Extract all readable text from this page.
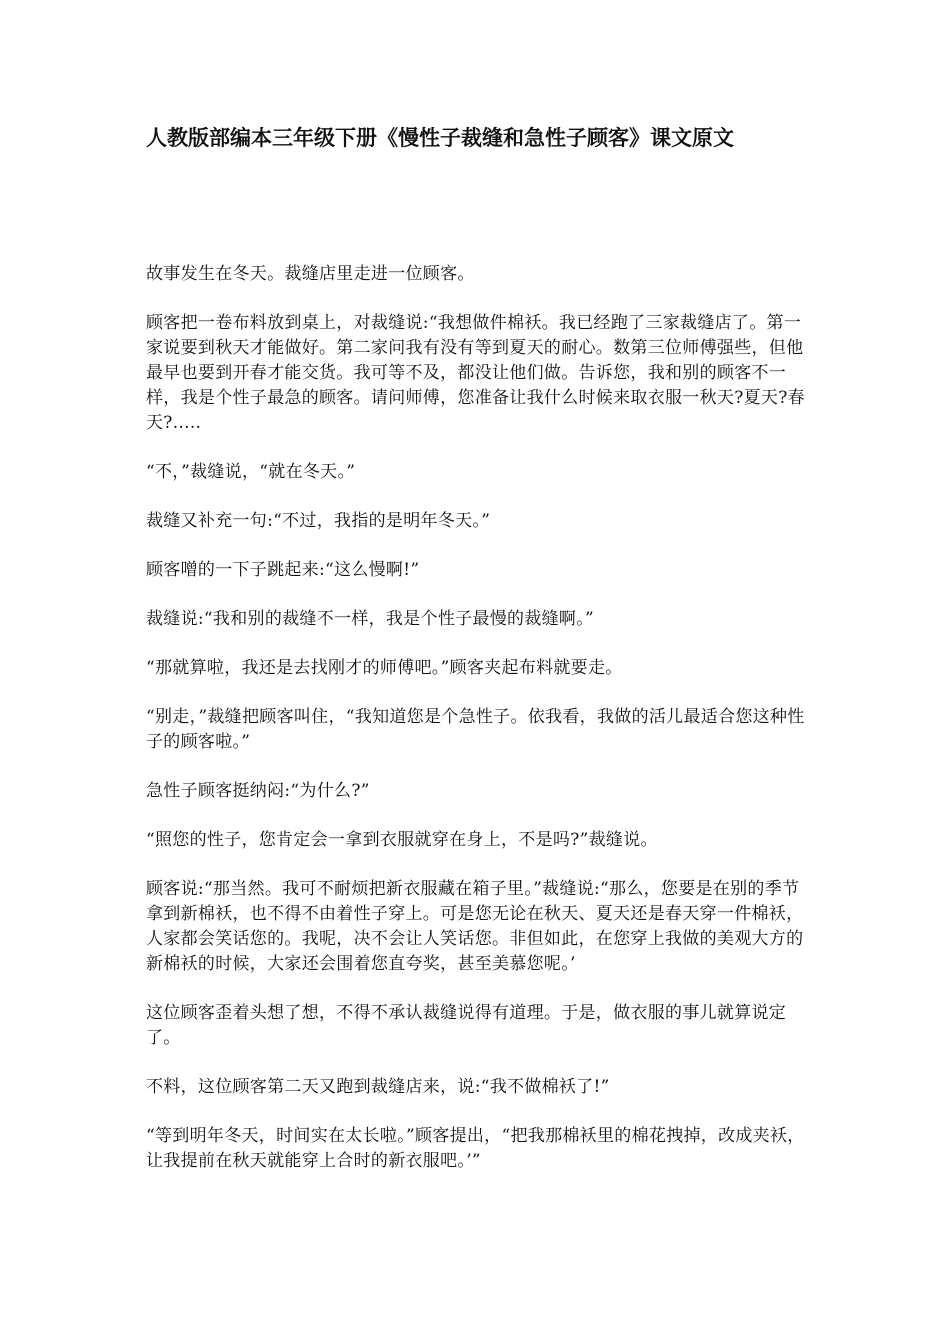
人教版部编本三年级下册《慢性子裁缝和急性子顾客》课文原文

故事发生在冬天。裁缝店里走进一位顾客。

顾客把一卷布料放到桌上，对裁缝说:“我想做件棉袄。我已经跑了三家裁缝店了。第一家说要到秋天才能做好。第二家问我有没有等到夏天的耐心。数第三位师傅强些，但他最早也要到开春才能交货。我可等不及，都没让他们做。告诉您，我和别的顾客不一样，我是个性子最急的顾客。请问师傅，您准备让我什么时候来取衣服一秋天?夏天?春天?.....

“不，”裁缝说，“就在冬天。”

裁缝又补充一句:“不过，我指的是明年冬天。”

顾客噌的一下子跳起来:“这么慢啊!”

裁缝说:“我和别的裁缝不一样，我是个性子最慢的裁缝啊。”

“那就算啦，我还是去找刚才的师傅吧。”顾客夹起布料就要走。

“别走，”裁缝把顾客叫住，“我知道您是个急性子。依我看，我做的活儿最适合您这种性子的顾客啦。”

急性子顾客挺纳闷:“为什么?”

“照您的性子，您肯定会一拿到衣服就穿在身上，不是吗?”裁缝说。

顾客说:“那当然。我可不耐烦把新衣服藏在箱子里。”裁缝说:“那么，您要是在别的季节拿到新棉袄，也不得不由着性子穿上。可是您无论在秋天、夏天还是春天穿一件棉袄，人家都会笑话您的。我呢，决不会让人笑话您。非但如此，在您穿上我做的美观大方的新棉袄的时候，大家还会围着您直夸奖，甚至美慕您呢。’

这位顾客歪着头想了想，不得不承认裁缝说得有道理。于是，做衣服的事儿就算说定了。

不料，这位顾客第二天又跑到裁缝店来，说:“我不做棉袄了!”

“等到明年冬天，时间实在太长啦。”顾客提出，“把我那棉袄里的棉花拽掉，改成夹袄，让我提前在秋天就能穿上合时的新衣服吧。’”
